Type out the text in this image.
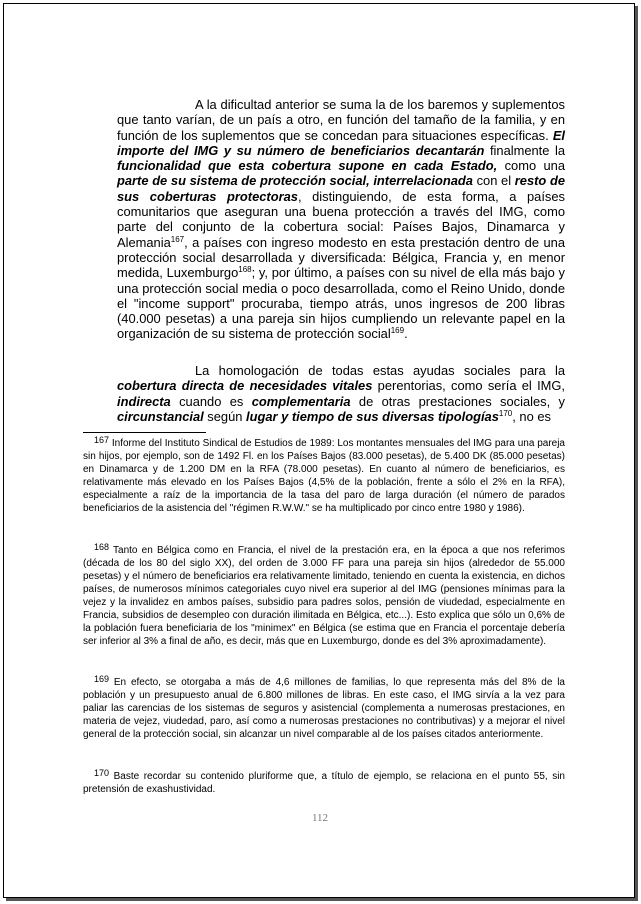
A la dificultad anterior se suma la de los baremos y suplementos que tanto varían, de un país a otro, en función del tamaño de la familia, y en función de los suplementos que se concedan para situaciones específicas. El importe del IMG y su número de beneficiarios decantarán finalmente la funcionalidad que esta cobertura supone en cada Estado, como una parte de su sistema de protección social, interrelacionada con el resto de sus coberturas protectoras, distinguiendo, de esta forma, a países comunitarios que aseguran una buena protección a través del IMG, como parte del conjunto de la cobertura social: Países Bajos, Dinamarca y Alemania$^{167}$, a países con ingreso modesto en esta prestación dentro de una protección social desarrollada y diversificada: Bélgica, Francia y, en menor medida, Luxemburgo$^{168}$; y, por último, a países con su nivel de ella más bajo y una protección social media o poco desarrollada, como el Reino Unido, donde el "income support" procuraba, tiempo atrás, unos ingresos de 200 libras (40.000 pesetas) a una pareja sin hijos cumpliendo un relevante papel en la organización de su sistema de protección social$^{169}$.

La homologación de todas estas ayudas sociales para la cobertura directa de necesidades vitales perentorias, como sería el IMG, indirecta cuando es complementaria de otras prestaciones sociales, y circunstancial según lugar y tiempo de sus diversas tipologías$^{170}$, no es

$^{167}$ Informe del Instituto Sindical de Estudios de 1989: Los montantes mensuales del IMG para una pareja sin hijos, por ejemplo, son de 1492 Fl. en los Países Bajos (83.000 pesetas), de 5.400 DK (85.000 pesetas) en Dinamarca y de 1.200 DM en la RFA (78.000 pesetas). En cuanto al número de beneficiarios, es relativamente más elevado en los Países Bajos (4,5% de la población, frente a sólo el 2% en la RFA), especialmente a raíz de la importancia de la tasa del paro de larga duración (el número de parados beneficiarios de la asistencia del "régimen R.W.W." se ha multiplicado por cinco entre 1980 y 1986).

$^{168}$ Tanto en Bélgica como en Francia, el nivel de la prestación era, en la época a que nos referimos (década de los 80 del siglo XX), del orden de 3.000 FF para una pareja sin hijos (alrededor de 55.000 pesetas) y el número de beneficiarios era relativamente limitado, teniendo en cuenta la existencia, en dichos países, de numerosos mínimos categoriales cuyo nivel era superior al del IMG (pensiones mínimas para la vejez y la invalidez en ambos países, subsidio para padres solos, pensión de viudedad, especialmente en Francia, subsidios de desempleo con duración ilimitada en Bélgica, etc...). Esto explica que sólo un 0,6% de la población fuera beneficiaria de los "minimex" en Bélgica (se estima que en Francia el porcentaje debería ser inferior al 3% a final de año, es decir, más que en Luxemburgo, donde es del 3% aproximadamente).

$^{169}$ En efecto, se otorgaba a más de 4,6 millones de familias, lo que representa más del 8% de la población y un presupuesto anual de 6.800 millones de libras. En este caso, el IMG sirvía a la vez para paliar las carencias de los sistemas de seguros y asistencial (complementa a numerosas prestaciones, en materia de vejez, viudedad, paro, así como a numerosas prestaciones no contributivas) y a mejorar el nivel general de la protección social, sin alcanzar un nivel comparable al de los países citados anteriormente.

$^{170}$ Baste recordar su contenido pluriforme que, a título de ejemplo, se relaciona en el punto 55, sin pretensión de exashustividad.

112
